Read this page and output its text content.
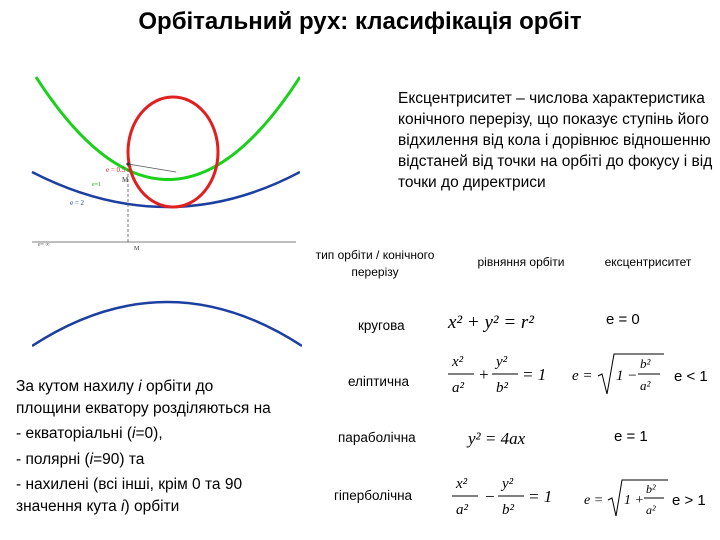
Орбітальний рух: класифікація орбіт
e = 0.5
M
e=1
e = 2
e= ∞
M
Ексцентриситет – числова характеристика конічного перерізу, що показує ступінь його відхилення від кола і дорівнює відношенню відстаней від точки на орбіті до фокусу і від точки до директриси
тип орбіти / конічного перерізу
рівняння орбіти	ексцентриситет
кругова
еліптична
параболічна
гіперболічна
x² + y² = r²
x²
a²
+
y²
b²
= 1
y² = 4ax
x²
a²
−
y²
b²
= 1
e = 1 −
b²
a²
e = 1 +
b²
a²
e = 0
e < 1
e = 1
e > 1
За кутом нахилу і орбіти до
площини екватору розділяються на
- екваторіальні (і=0),
- полярні (і=90) та
- нахилені (всі інші, крім 0 та 90
значення кута і) орбіти
